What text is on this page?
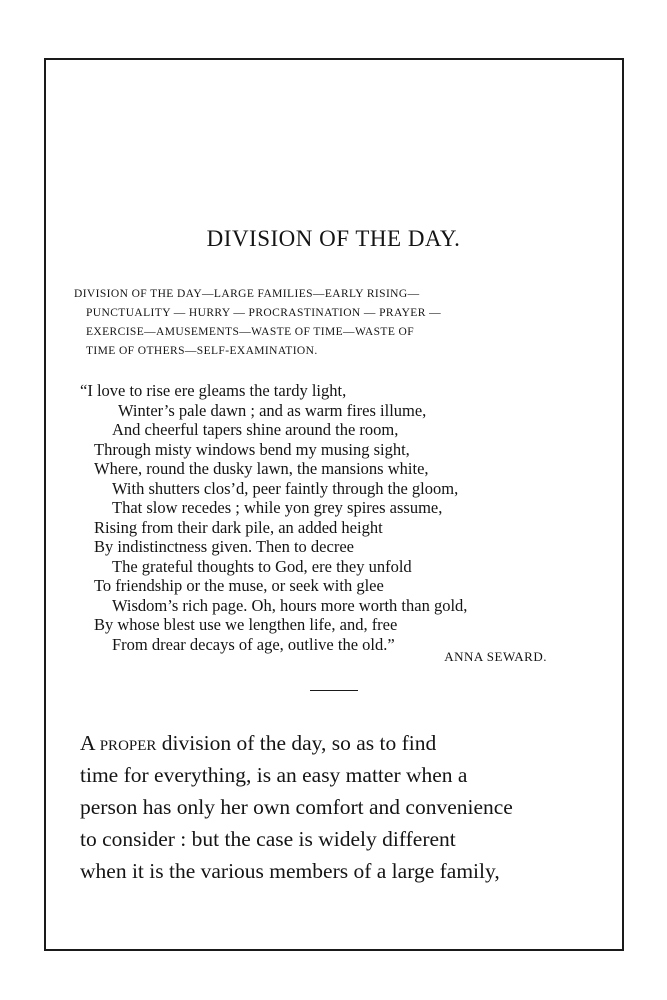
DIVISION OF THE DAY.
DIVISION OF THE DAY—LARGE FAMILIES—EARLY RISING—
PUNCTUALITY — HURRY — PROCRASTINATION — PRAYER —
EXERCISE—AMUSEMENTS—WASTE OF TIME—WASTE OF
TIME OF OTHERS—SELF-EXAMINATION.
“I love to rise ere gleams the tardy light,
Winter’s pale dawn ; and as warm fires illume,
And cheerful tapers shine around the room,
Through misty windows bend my musing sight,
Where, round the dusky lawn, the mansions white,
With shutters clos’d, peer faintly through the gloom,
That slow recedes ; while yon grey spires assume,
Rising from their dark pile, an added height
By indistinctness given. Then to decree
The grateful thoughts to God, ere they unfold
To friendship or the muse, or seek with glee
Wisdom’s rich page. Oh, hours more worth than gold,
By whose blest use we lengthen life, and, free
From drear decays of age, outlive the old.”
ANNA SEWARD.
A proper division of the day, so as to find
time for everything, is an easy matter when a
person has only her own comfort and convenience
to consider : but the case is widely different
when it is the various members of a large family,
